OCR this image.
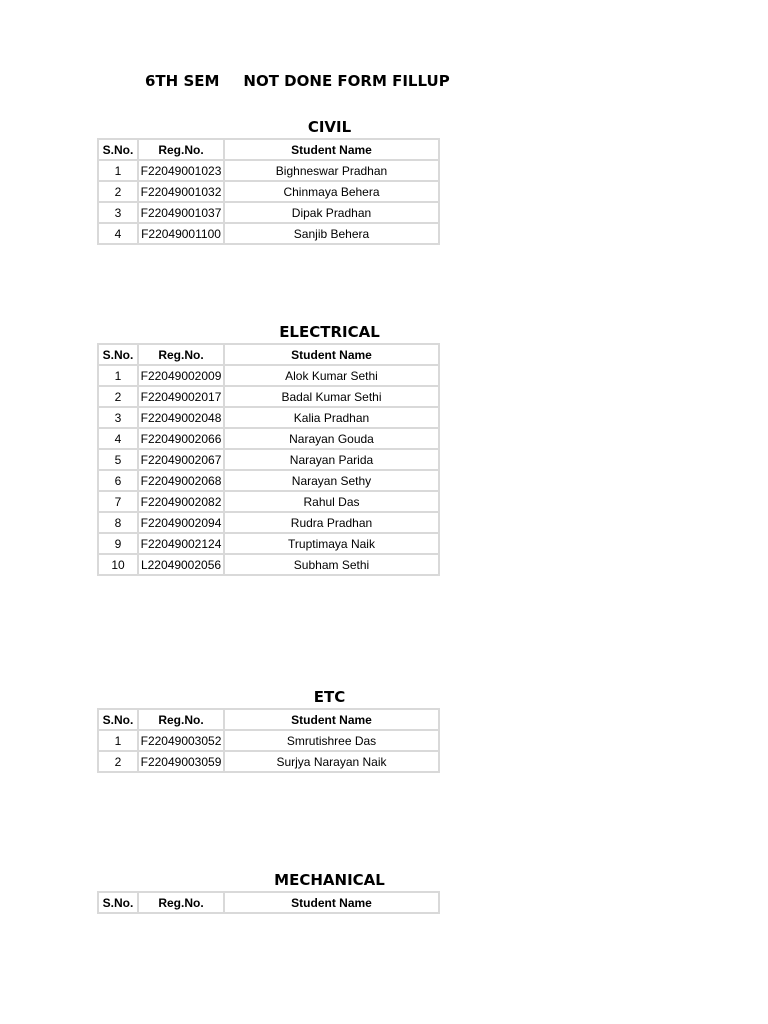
6TH SEM NOT DONE FORM FILLUP
CIVIL
S.No.	Reg.No.	Student Name
1	F22049001023	Bighneswar Pradhan
2	F22049001032	Chinmaya Behera
3	F22049001037	Dipak Pradhan
4	F22049001100	Sanjib Behera
ELECTRICAL
S.No.	Reg.No.	Student Name
1	F22049002009	Alok Kumar Sethi
2	F22049002017	Badal Kumar Sethi
3	F22049002048	Kalia Pradhan
4	F22049002066	Narayan Gouda
5	F22049002067	Narayan Parida
6	F22049002068	Narayan Sethy
7	F22049002082	Rahul Das
8	F22049002094	Rudra Pradhan
9	F22049002124	Truptimaya Naik
10	L22049002056	Subham Sethi
ETC
S.No.	Reg.No.	Student Name
1	F22049003052	Smrutishree Das
2	F22049003059	Surjya Narayan Naik
MECHANICAL
S.No.	Reg.No.	Student Name
